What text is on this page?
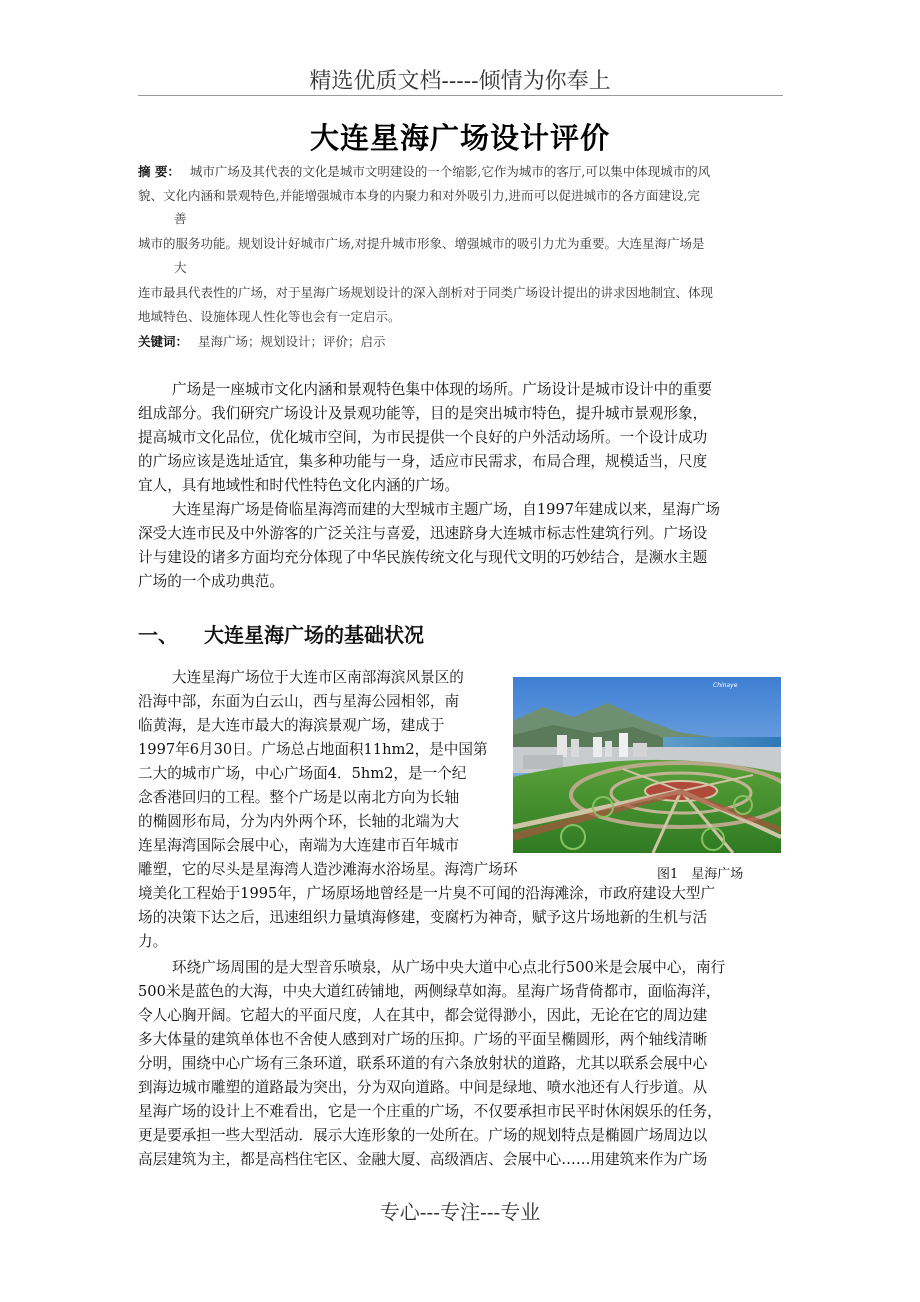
精选优质文档-----倾情为你奉上
大连星海广场设计评价
摘 要： 城市广场及其代表的文化是城市文明建设的一个缩影,它作为城市的客厅,可以集中体现城市的风
貌、文化内涵和景观特色,并能增强城市本身的内聚力和对外吸引力,进而可以促进城市的各方面建设,完
善
城市的服务功能。规划设计好城市广场,对提升城市形象、增强城市的吸引力尤为重要。大连星海广场是
大
连市最具代表性的广场，对于星海广场规划设计的深入剖析对于同类广场设计提出的讲求因地制宜、体现
地域特色、设施体现人性化等也会有一定启示。
关键词： 星海广场；规划设计；评价；启示
广场是一座城市文化内涵和景观特色集中体现的场所。广场设计是城市设计中的重要
组成部分。我们研究广场设计及景观功能等，目的是突出城市特色，提升城市景观形象，
提高城市文化品位，优化城市空间，为市民提供一个良好的户外活动场所。一个设计成功
的广场应该是选址适宜，集多种功能与一身，适应市民需求，布局合理，规模适当，尺度
宜人，具有地域性和时代性特色文化内涵的广场。
大连星海广场是倚临星海湾而建的大型城市主题广场，自1997年建成以来，星海广场
深受大连市民及中外游客的广泛关注与喜爱，迅速跻身大连城市标志性建筑行列。广场设
计与建设的诸多方面均充分体现了中华民族传统文化与现代文明的巧妙结合，是濒水主题
广场的一个成功典范。
一、 大连星海广场的基础状况
大连星海广场位于大连市区南部海滨风景区的
沿海中部，东面为白云山，西与星海公园相邻，南
临黄海，是大连市最大的海滨景观广场，建成于
1997年6月30日。广场总占地面积11hm2，是中国第
二大的城市广场，中心广场面4．5hm2，是一个纪
念香港回归的工程。整个广场是以南北方向为长轴
的椭圆形布局，分为内外两个环，长轴的北端为大
连星海湾国际会展中心，南端为大连建市百年城市
雕塑，它的尽头是星海湾人造沙滩海水浴场星。海湾广场环
Chinaye
图1　星海广场
境美化工程始于1995年，广场原场地曾经是一片臭不可闻的沿海滩涂，市政府建设大型广
场的决策下达之后，迅速组织力量填海修建，变腐朽为神奇，赋予这片场地新的生机与活
力。
环绕广场周围的是大型音乐喷泉，从广场中央大道中心点北行500米是会展中心，南行
500米是蓝色的大海，中央大道红砖铺地，两侧绿草如海。星海广场背倚都市，面临海洋，
令人心胸开阔。它超大的平面尺度，人在其中，都会觉得渺小，因此，无论在它的周边建
多大体量的建筑单体也不舍使人感到对广场的压抑。广场的平面呈椭圆形，两个轴线清晰
分明，围绕中心广场有三条环道，联系环道的有六条放射状的道路，尤其以联系会展中心
到海边城市雕塑的道路最为突出，分为双向道路。中间是绿地、喷水池还有人行步道。从
星海广场的设计上不难看出，它是一个庄重的广场，不仅要承担市民平时休闲娱乐的任务，
更是要承担一些大型活动．展示大连形象的一处所在。广场的规划特点是椭圆广场周边以
高层建筑为主，都是高档住宅区、金融大厦、高级酒店、会展中心……用建筑来作为广场
专心---专注---专业
